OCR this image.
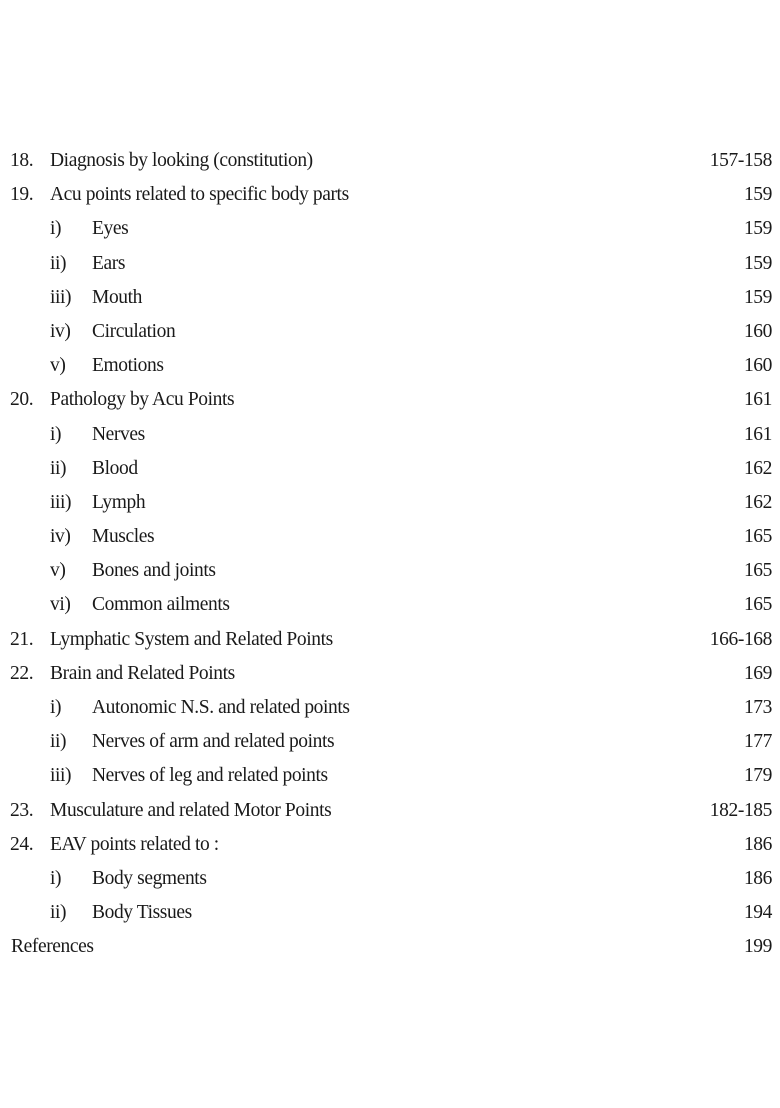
18. Diagnosis by looking (constitution)	157-158
19. Acu points related to specific body parts	159
i) Eyes	159
ii) Ears	159
iii) Mouth	159
iv) Circulation	160
v) Emotions	160
20. Pathology by Acu Points	161
i) Nerves	161
ii) Blood	162
iii) Lymph	162
iv) Muscles	165
v) Bones and joints	165
vi) Common ailments	165
21. Lymphatic System and Related Points	166-168
22. Brain and Related Points	169
i) Autonomic N.S. and related points	173
ii) Nerves of arm and related points	177
iii) Nerves of leg and related points	179
23. Musculature and related Motor Points	182-185
24. EAV points related to :	186
i) Body segments	186
ii) Body Tissues	194
References	199
